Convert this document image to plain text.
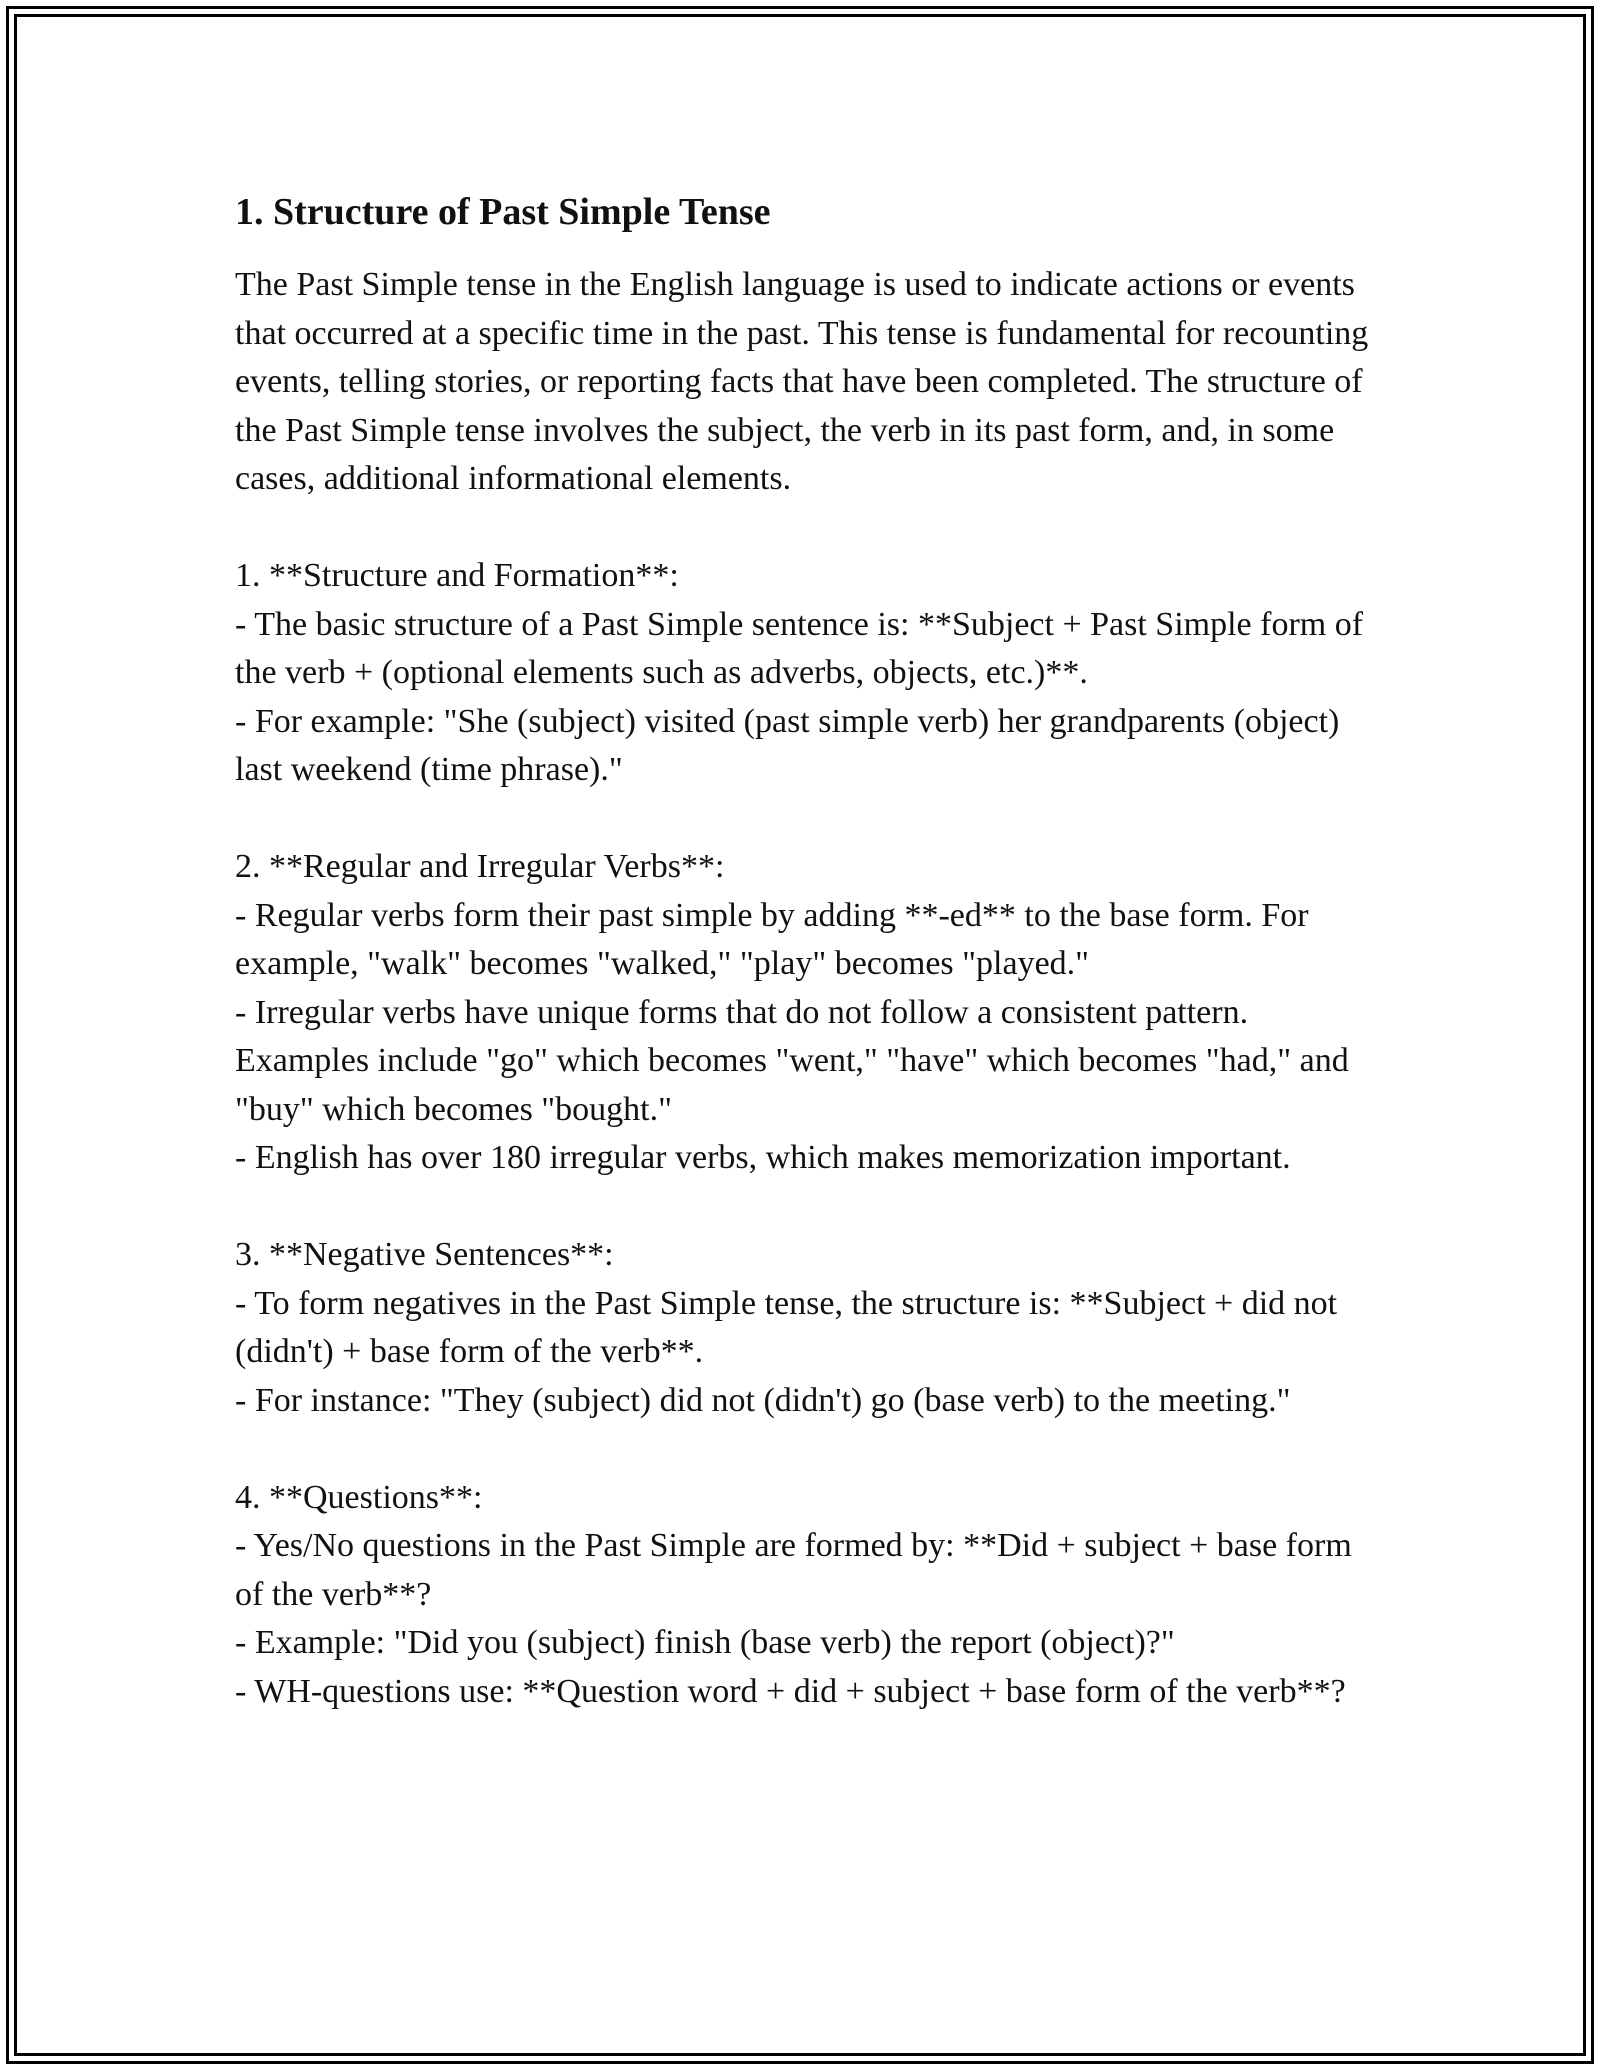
1. Structure of Past Simple Tense

The Past Simple tense in the English language is used to indicate actions or events that occurred at a specific time in the past. This tense is fundamental for recounting events, telling stories, or reporting facts that have been completed. The structure of the Past Simple tense involves the subject, the verb in its past form, and, in some cases, additional informational elements.

1. **Structure and Formation**:

- The basic structure of a Past Simple sentence is: **Subject + Past Simple form of the verb + (optional elements such as adverbs, objects, etc.)**.

- For example: "She (subject) visited (past simple verb) her grandparents (object) last weekend (time phrase)."

2. **Regular and Irregular Verbs**:

- Regular verbs form their past simple by adding **-ed** to the base form. For example, "walk" becomes "walked," "play" becomes "played."

- Irregular verbs have unique forms that do not follow a consistent pattern. Examples include "go" which becomes "went," "have" which becomes "had," and "buy" which becomes "bought."

- English has over 180 irregular verbs, which makes memorization important.

3. **Negative Sentences**:

- To form negatives in the Past Simple tense, the structure is: **Subject + did not (didn't) + base form of the verb**.

- For instance: "They (subject) did not (didn't) go (base verb) to the meeting."

4. **Questions**:

- Yes/No questions in the Past Simple are formed by: **Did + subject + base form of the verb**?

- Example: "Did you (subject) finish (base verb) the report (object)?"

- WH-questions use: **Question word + did + subject + base form of the verb**?
